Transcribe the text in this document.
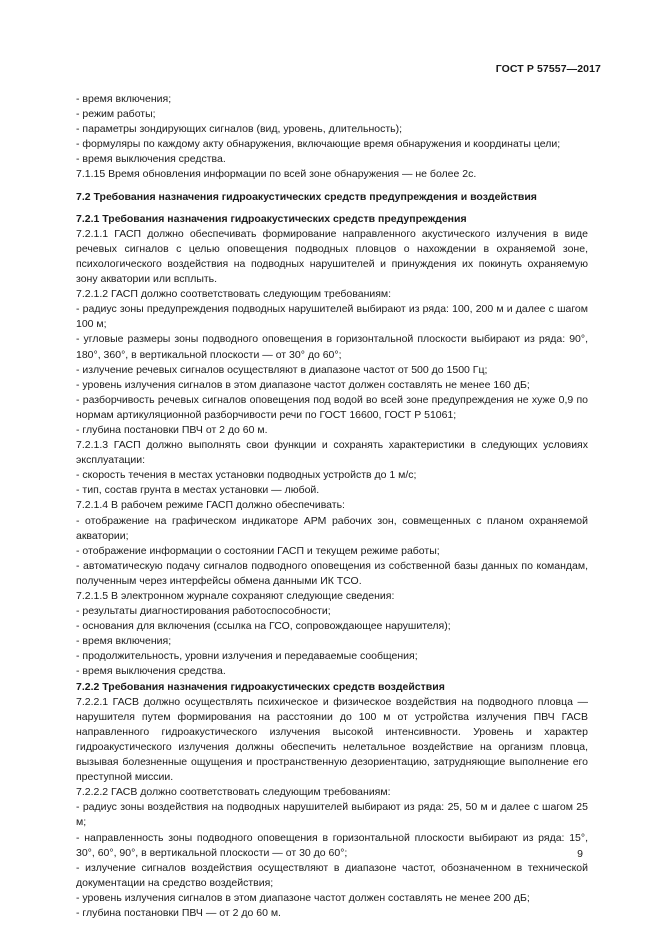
ГОСТ Р 57557—2017

- время включения;

- режим работы;

- параметры зондирующих сигналов (вид, уровень, длительность);

- формуляры по каждому акту обнаружения, включающие время обнаружения и координаты цели;

- время выключения средства.

7.1.15 Время обновления информации по всей зоне обнаружения — не более 2с.

7.2 Требования назначения гидроакустических средств предупреждения и воздействия

7.2.1 Требования назначения гидроакустических средств предупреждения

7.2.1.1 ГАСП должно обеспечивать формирование направленного акустического излучения в виде речевых сигналов с целью оповещения подводных пловцов о нахождении в охраняемой зоне, психологического воздействия на подводных нарушителей и принуждения их покинуть охраняемую зону акватории или всплыть.

7.2.1.2 ГАСП должно соответствовать следующим требованиям:

- радиус зоны предупреждения подводных нарушителей выбирают из ряда: 100, 200 м и далее с шагом 100 м;

- угловые размеры зоны подводного оповещения в горизонтальной плоскости выбирают из ряда: 90°, 180°, 360°, в вертикальной плоскости — от 30° до 60°;

- излучение речевых сигналов осуществляют в диапазоне частот от 500 до 1500 Гц;

- уровень излучения сигналов в этом диапазоне частот должен составлять не менее 160 дБ;

- разборчивость речевых сигналов оповещения под водой во всей зоне предупреждения не хуже 0,9 по нормам артикуляционной разборчивости речи по ГОСТ 16600, ГОСТ Р 51061;

- глубина постановки ПВЧ от 2 до 60 м.

7.2.1.3 ГАСП должно выполнять свои функции и сохранять характеристики в следующих условиях эксплуатации:

- скорость течения в местах установки подводных устройств до 1 м/с;

- тип, состав грунта в местах установки — любой.

7.2.1.4 В рабочем режиме ГАСП должно обеспечивать:

- отображение на графическом индикаторе АРМ рабочих зон, совмещенных с планом охраняемой акватории;

- отображение информации о состоянии ГАСП и текущем режиме работы;

- автоматическую подачу сигналов подводного оповещения из собственной базы данных по командам, полученным через интерфейсы обмена данными ИК ТСО.

7.2.1.5 В электронном журнале сохраняют следующие сведения:

- результаты диагностирования работоспособности;

- основания для включения (ссылка на ГСО, сопровождающее нарушителя);

- время включения;

- продолжительность, уровни излучения и передаваемые сообщения;

- время выключения средства.

7.2.2 Требования назначения гидроакустических средств воздействия

7.2.2.1 ГАСВ должно осуществлять психическое и физическое воздействия на подводного пловца — нарушителя путем формирования на расстоянии до 100 м от устройства излучения ПВЧ ГАСВ направленного гидроакустического излучения высокой интенсивности. Уровень и характер гидроакустического излучения должны обеспечить нелетальное воздействие на организм пловца, вызывая болезненные ощущения и пространственную дезориентацию, затрудняющие выполнение его преступной миссии.

7.2.2.2 ГАСВ должно соответствовать следующим требованиям:

- радиус зоны воздействия на подводных нарушителей выбирают из ряда: 25, 50 м и далее с шагом 25 м;

- направленность зоны подводного оповещения в горизонтальной плоскости выбирают из ряда: 15°, 30°, 60°, 90°, в вертикальной плоскости — от 30 до 60°;

- излучение сигналов воздействия осуществляют в диапазоне частот, обозначенном в технической документации на средство воздействия;

- уровень излучения сигналов в этом диапазоне частот должен составлять не менее 200 дБ;

- глубина постановки ПВЧ — от 2 до 60 м.

9
